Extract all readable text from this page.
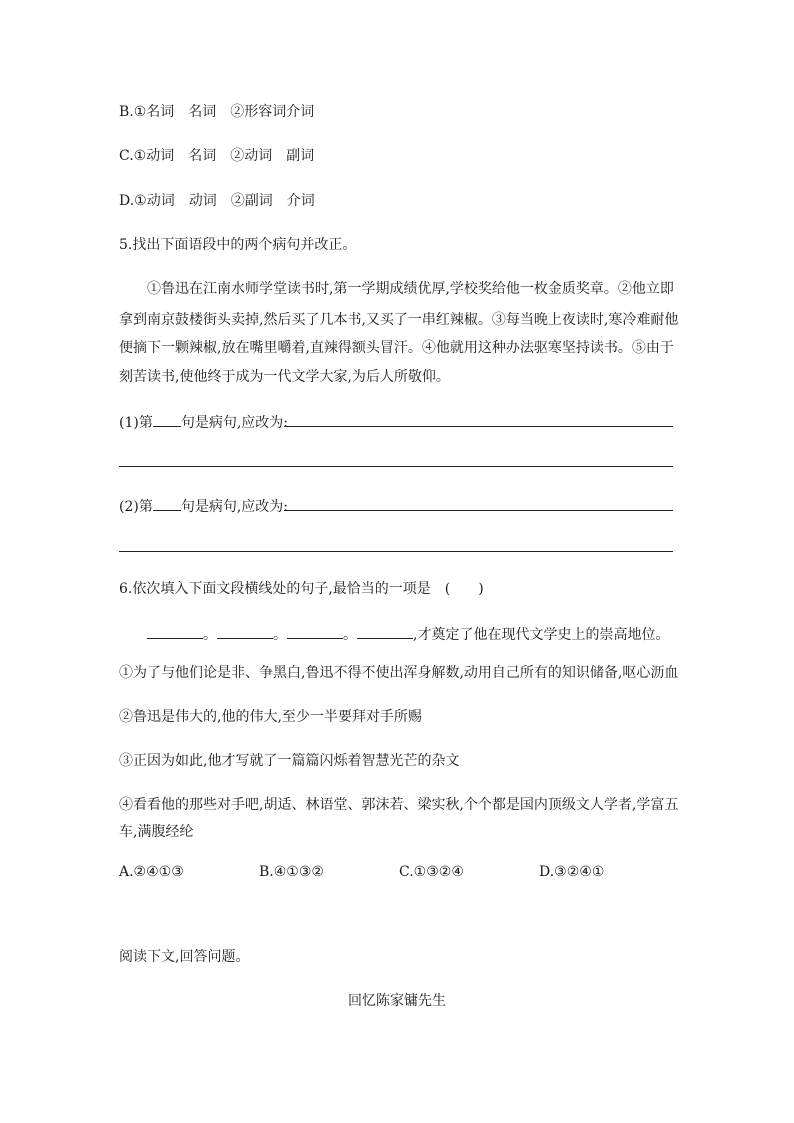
B.①名词　名词　②形容词介词
C.①动词　名词　②动词　副词
D.①动词　动词　②副词　介词
5.找出下面语段中的两个病句并改正。
①鲁迅在江南水师学堂读书时,第一学期成绩优厚,学校奖给他一枚金质奖章。②他立即
拿到南京鼓楼街头卖掉,然后买了几本书,又买了一串红辣椒。③每当晚上夜读时,寒冷难耐他
便摘下一颗辣椒,放在嘴里嚼着,直辣得额头冒汗。④他就用这种办法驱寒坚持读书。⑤由于
刻苦读书,使他终于成为一代文学大家,为后人所敬仰。
(1)第 句是病句,应改为:
(2)第 句是病句,应改为:
6.依次填入下面文段横线处的句子,最恰当的一项是　(　　)
。	。	。	,才奠定了他在现代文学史上的崇高地位。
①为了与他们论是非、争黑白,鲁迅不得不使出浑身解数,动用自己所有的知识储备,呕心沥血
②鲁迅是伟大的,他的伟大,至少一半要拜对手所赐
③正因为如此,他才写就了一篇篇闪烁着智慧光芒的杂文
④看看他的那些对手吧,胡适、林语堂、郭沫若、梁实秋,个个都是国内顶级文人学者,学富五
车,满腹经纶
A.②④①③	B.④①③②	C.①③②④	D.③②④①
阅读下文,回答问题。
回忆陈家镛先生
